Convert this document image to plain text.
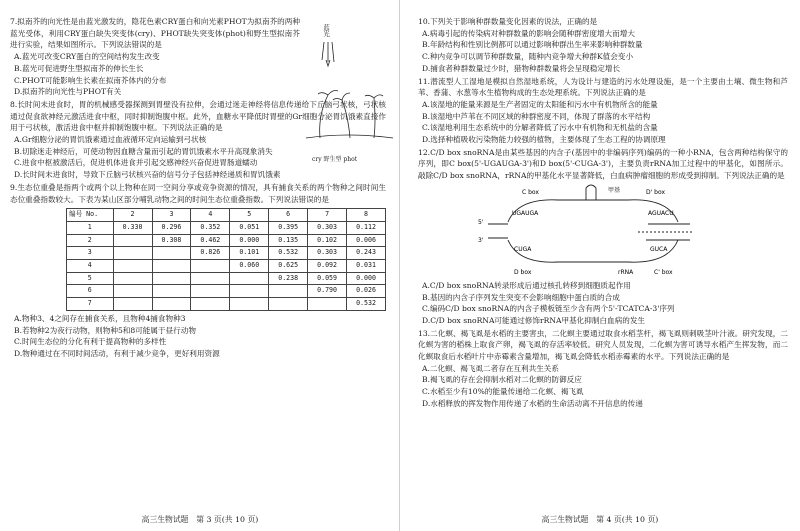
7.拟南芥的向光性是由蓝光激发的，隐花色素CRY蛋白和向光素PHOT为拟南芥的两种蓝光受体，利用CRY蛋白缺失突变体(cry)、PHOT缺失突变体(phot)和野生型拟南芥进行实验，结果如图所示。下列说法错误的是

A.蓝光可改变CRY蛋白的空间结构发生改变

B.蓝光可促进野生型拟南芥的伸长生长

C.PHOT可能影响生长素在拟南芥体内的分布

D.拟南芥的向光性与PHOT有关

蓝光
cry 野生型 phot

8.长时间未进食时，胃的机械感受器探测到胃壁没有拉伸，会通过迷走神经将信息传递给下丘脑弓状核，弓状核通过促食欲神经元激活进食中枢，同时抑制饱腹中枢。此外，血糖水平降低时胃壁的Gr细胞分泌胃饥饿素直接作用于弓状核，激活进食中枢并抑制饱腹中枢。下列说法正确的是

A.Gr细胞分泌的胃饥饿素通过血液循环定向运输到弓状核

B.切除迷走神经后，可使动物因血糖含量而引起的胃饥饿素水平升高现象消失

C.进食中枢被激活后，促进机体进食并引起交感神经兴奋促进胃肠道蠕动

D.长时间未进食时，导致下丘脑弓状核兴奋的信号分子包括神经递质和胃饥饿素

9.生态位重叠是指两个或两个以上物种在同一空间分享或竞争资源的情况，具有捕食关系的两个物种之间时间生态位重叠指数较大。下表为某山区部分哺乳动物之间的时间生态位重叠指数。下列说法错误的是

编号 No.	2	3	4	5	6	7	8
1	0.330	0.296	0.352	0.051	0.395	0.303	0.112
2		0.308	0.462	0.000	0.135	0.102	0.006
3			0.826	0.101	0.532	0.303	0.243
4				0.060	0.625	0.092	0.031
5					0.238	0.059	0.000
6						0.790	0.026
7							0.532

A.物种3、4之间存在捕食关系，且物种4捕食物种3

B.若物种2为夜行动物，则物种5和8可能属于昼行动物

C.时间生态位的分化有利于提高物种的多样性

D.物种通过在不同时间活动，有利于减少竞争，更好利用资源

高三生物试题　第 3 页(共 10 页)

10.下列关于影响种群数量变化因素的说法，正确的是

A.病毒引起的传染病对种群数量的影响会随种群密度增大而增大

B.年龄结构和性别比例都可以通过影响种群出生率来影响种群数量

C.种内竞争可以调节种群数量，随种内竞争增大种群K值会变小

D.捕食者种群数量过少时，猎物种群数量将会呈现稳定增长

11.潜流型人工湿地是模拟自然湿地系统，人为设计与建造的污水处理设施，是一个主要由土壤、微生物和芦苇、香蒲、水葱等水生植物构成的生态处理系统。下列说法正确的是

A.该湿地的能量来源是生产者固定的太阳能和污水中有机物所含的能量

B.该湿地中芦苇在不同区域的种群密度不同，体现了群落的水平结构

C.该湿地利用生态系统中的分解者降低了污水中有机物和无机盐的含量

D.选择种植吸收污染物能力较强的植物，主要体现了生态工程的协调原理

12.C/D box snoRNA是由某些基因的内含子(基因中的非编码序列)编码的一种小RNA，包含两种结构保守的序列，即C box(5'-UGAUGA-3')和D box(5'-CUGA-3')，主要负责rRNA加工过程中的甲基化，如图所示。敲除C/D box snoRNA，rRNA的甲基化水平显著降低，白血病肿瘤细胞的形成受到抑制。下列说法正确的是

C box	甲基	D' box
5'
3'
UGAUGA
CUGA
AGUACU
GUCA
D box	C' box
rRNA

A.C/D box snoRNA转录形成后通过核孔转移到细胞质起作用

B.基因的内含子序列发生突变不会影响细胞中蛋白质的合成

C.编码C/D box snoRNA的内含子模板链至少含有两个5'-TCATCA-3'序列

D.C/D box snoRNA可能通过修饰rRNA甲基化抑制白血病的发生

13.二化螟、褐飞虱是水稻的主要害虫，二化螟主要通过取食水稻茎杆，褐飞虱则刺吸茎叶汁液。研究发现，二化螟为害的稻株上取食产卵，褐飞虱的存活率较低。研究人员发现，二化螟为害可诱导水稻产生挥发物，而二化螟取食后水稻叶片中赤霉素含量增加，褐飞虱会降低水稻赤霉素的水平。下列说法正确的是

A.二化螟、褐飞虱二者存在互利共生关系

B.褐飞虱的存在会抑制水稻对二化螟的防御反应

C.水稻至少有10%的能量传递给二化螟、褐飞虱

D.水稻释放的挥发物作用传递了水稻的生命活动离不开信息的传递

高三生物试题　第 4 页(共 10 页)
